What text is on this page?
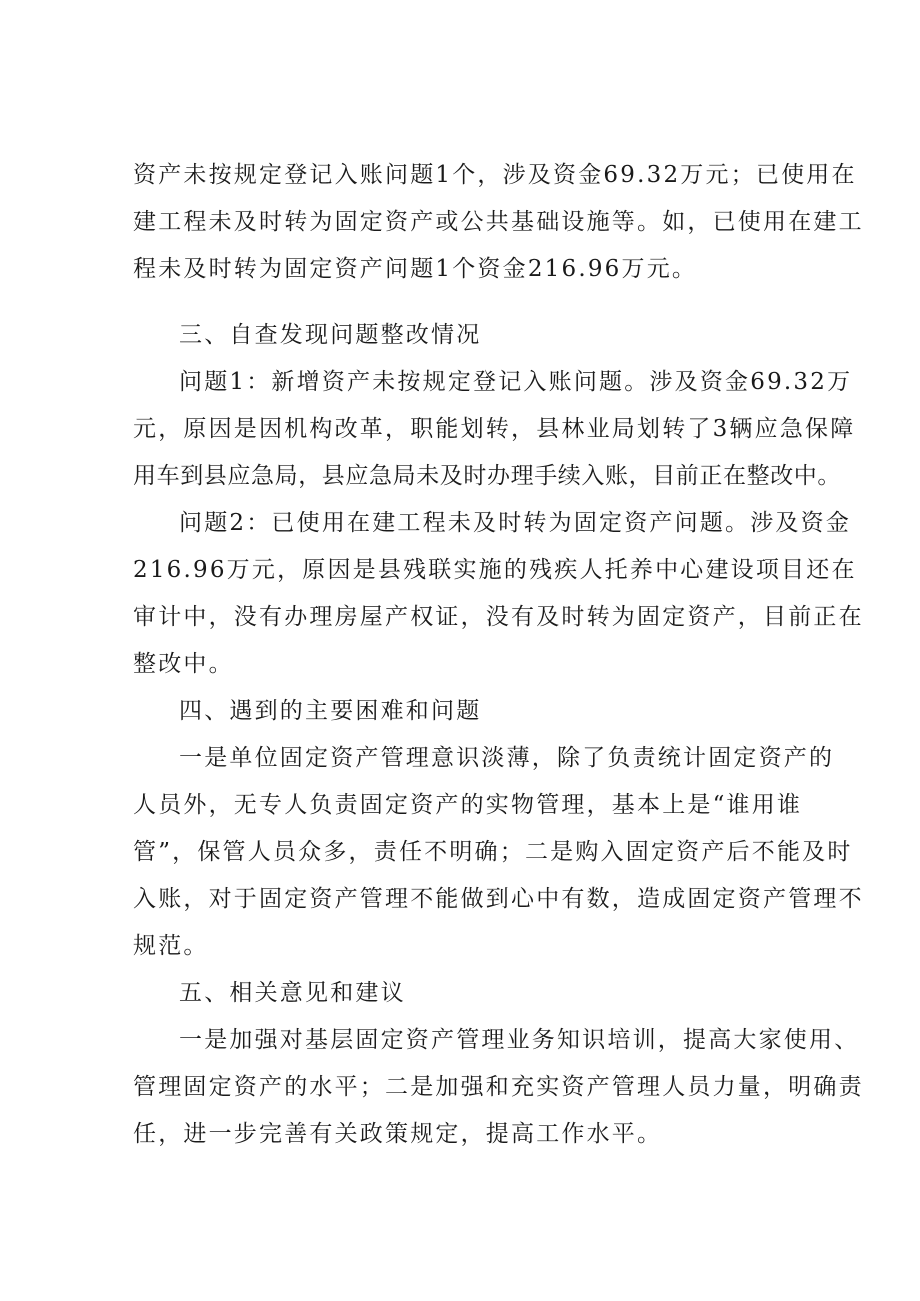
资产未按规定登记入账问题1个，涉及资金69.32万元；已使用在
建工程未及时转为固定资产或公共基础设施等。如，已使用在建工
程未及时转为固定资产问题1个资金216.96万元。
三、自查发现问题整改情况
问题1：新增资产未按规定登记入账问题。涉及资金69.32万
元，原因是因机构改革，职能划转，县林业局划转了3辆应急保障
用车到县应急局，县应急局未及时办理手续入账，目前正在整改中。
问题2：已使用在建工程未及时转为固定资产问题。涉及资金
216.96万元，原因是县残联实施的残疾人托养中心建设项目还在
审计中，没有办理房屋产权证，没有及时转为固定资产，目前正在
整改中。
四、遇到的主要困难和问题
一是单位固定资产管理意识淡薄，除了负责统计固定资产的
人员外，无专人负责固定资产的实物管理，基本上是“谁用谁
管”，保管人员众多，责任不明确；二是购入固定资产后不能及时
入账，对于固定资产管理不能做到心中有数，造成固定资产管理不
规范。
五、相关意见和建议
一是加强对基层固定资产管理业务知识培训，提高大家使用、
管理固定资产的水平；二是加强和充实资产管理人员力量，明确责
任，进一步完善有关政策规定，提高工作水平。
